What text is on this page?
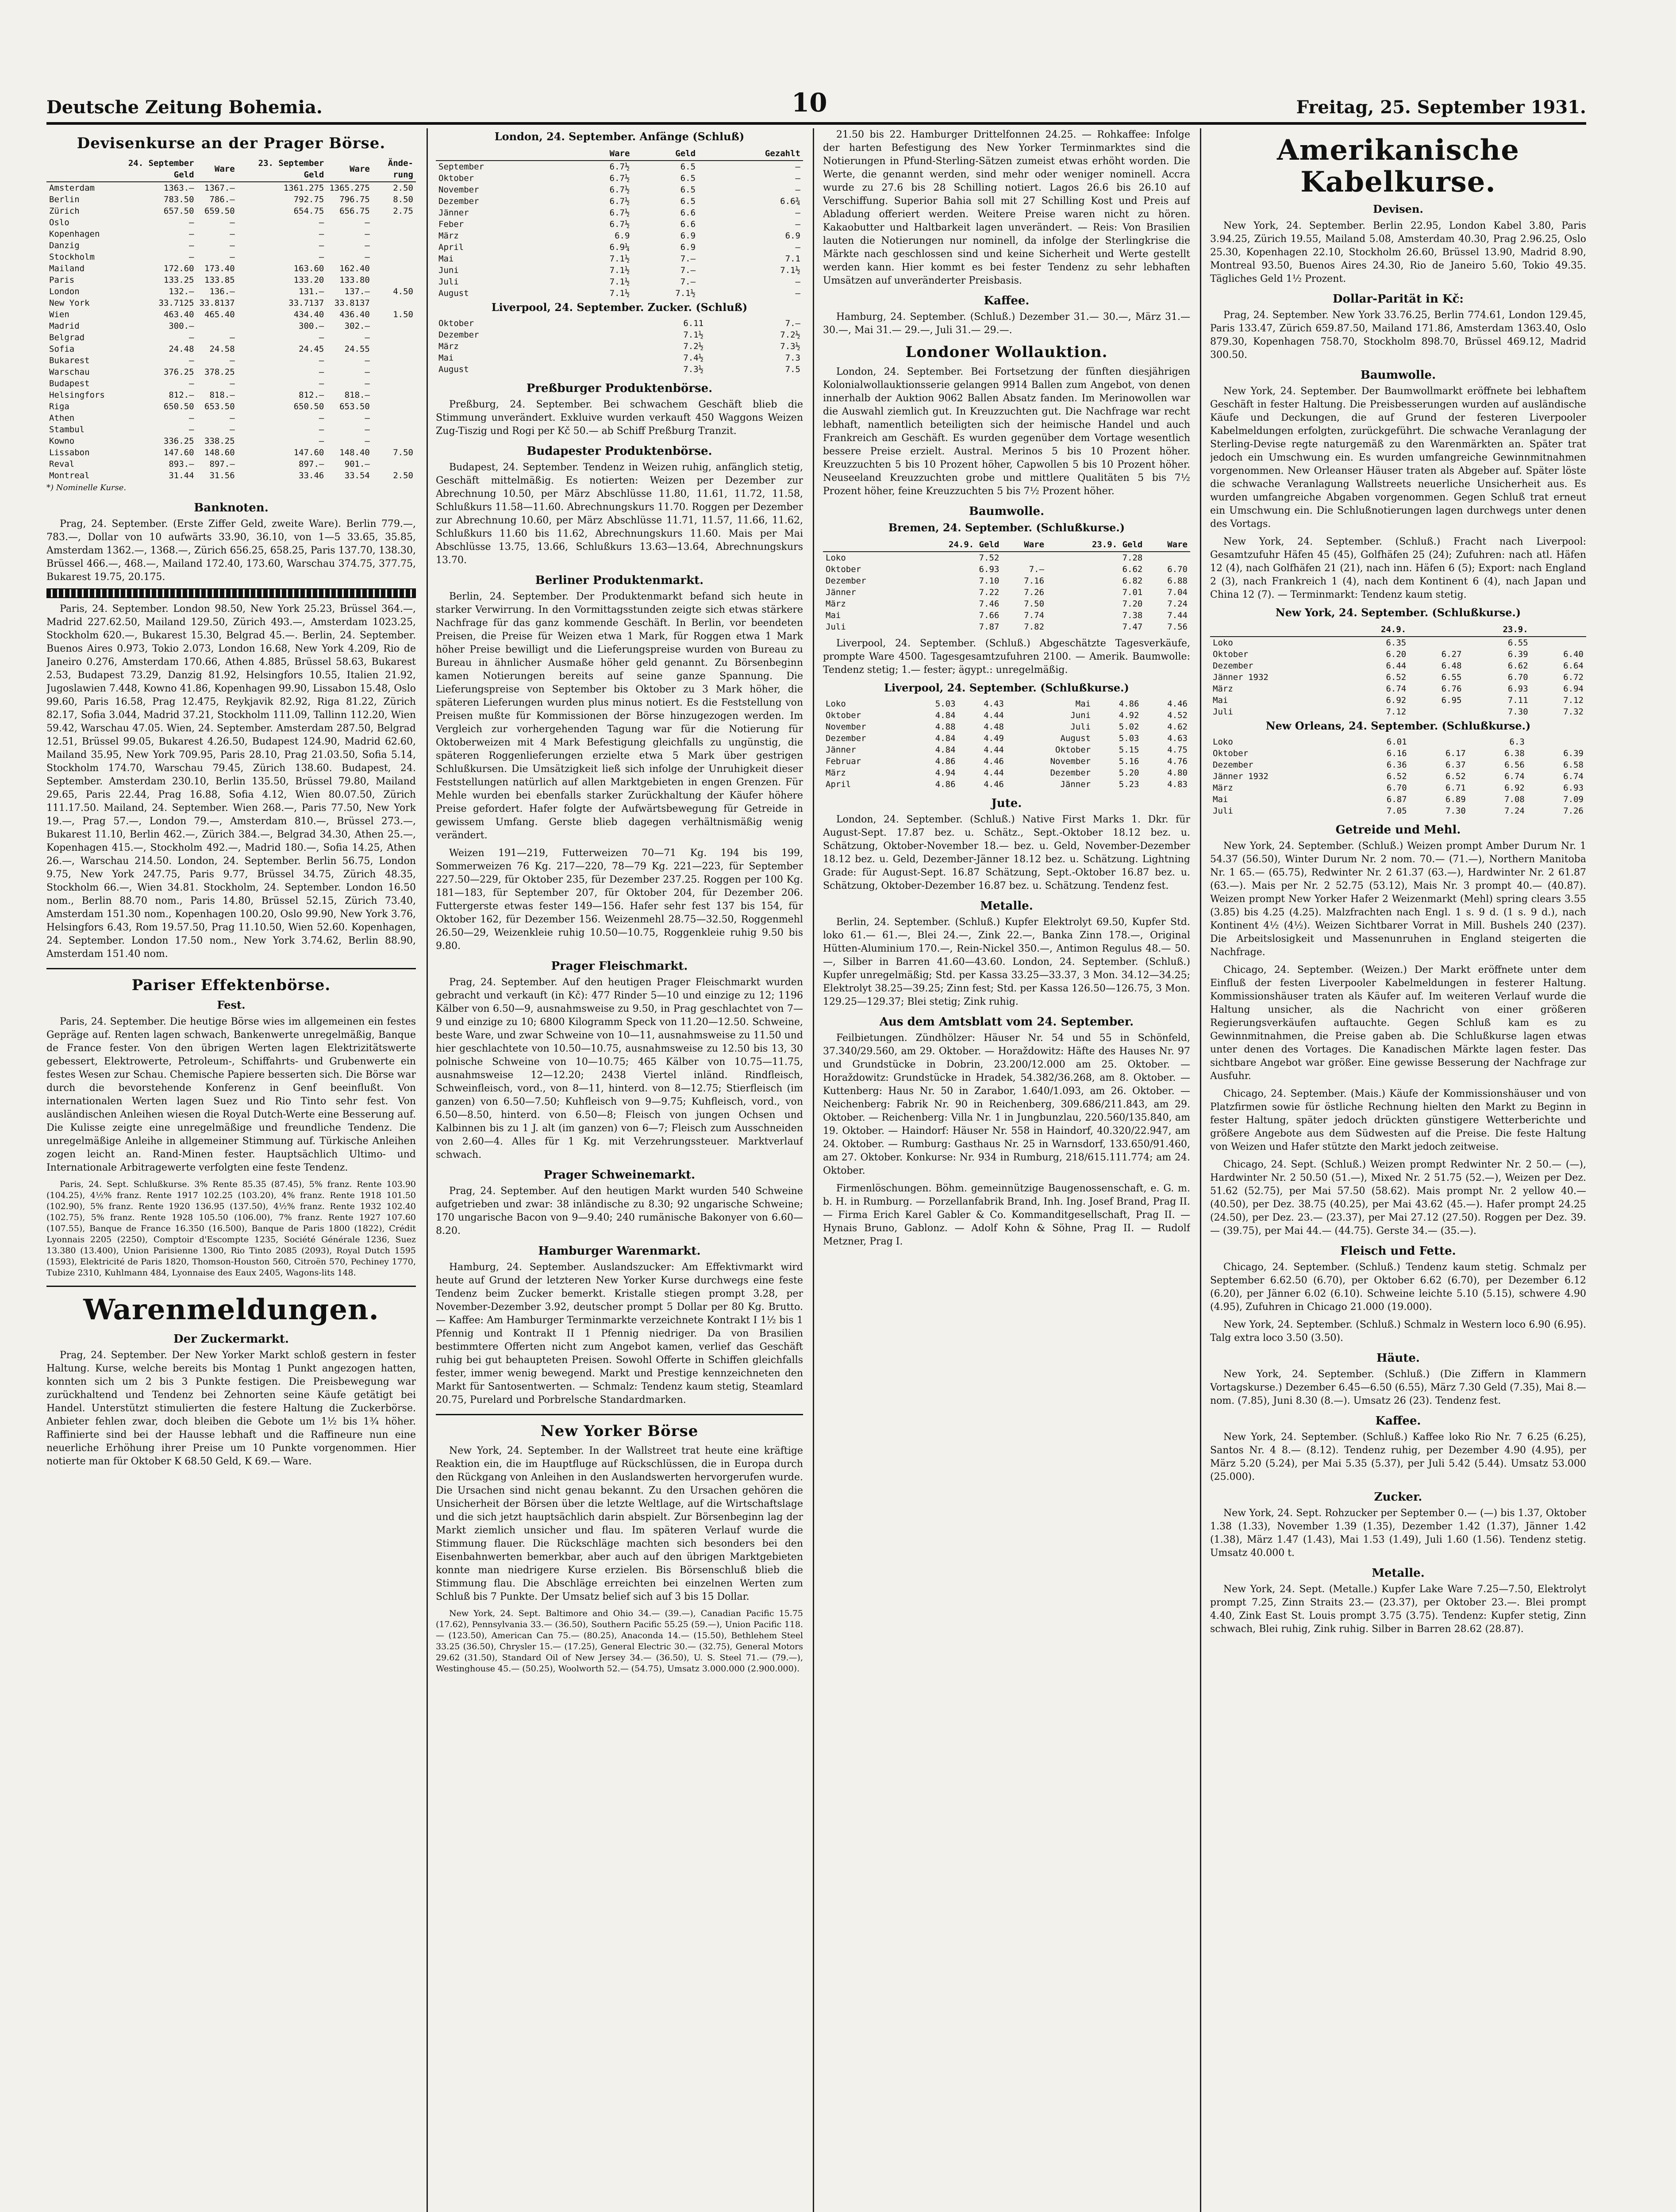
Deutsche Zeitung Bohemia.	10	Freitag, 25. September 1931.
Devisenkurse an der Prager Börse.
	24. September Geld	Ware	23. September Geld	Ware	Änderung
Amsterdam	1363.—	1367.—	1361.275	1365.275	2.50
Berlin	783.50	786.—	792.75	796.75	8.50
Zürich	657.50	659.50	654.75	656.75	2.75
Oslo	—	—	—	—	
Kopenhagen	—	—	—	—	
Danzig	—	—	—	—	
Stockholm	—	—	—	—	
Mailand	172.60	173.40	163.60	162.40	
Paris	133.25	133.85	133.20	133.80	
London	132.—	136.—	131.—	137.—	4.50
New York	33.7125	33.8137	33.7137	33.8137	
Wien	463.40	465.40	434.40	436.40	1.50
Madrid	300.—		300.—	302.—	
Belgrad	—	—	—	—	
Sofia	24.48	24.58	24.45	24.55	
Bukarest	—	—	—	—	
Warschau	376.25	378.25	—	—	
Budapest	—	—	—	—	
Helsingfors	812.—	818.—	812.—	818.—	
Riga	650.50	653.50	650.50	653.50	
Athen	—	—	—	—	
Stambul	—	—	—	—	
Kowno	336.25	338.25	—	—	
Lissabon	147.60	148.60	147.60	148.40	7.50
Reval	893.—	897.—	897.—	901.—	
Montreal	31.44	31.56	33.46	33.54	2.50
*) Nominelle Kurse.
Banknoten.

Prag, 24. September. (Erste Ziffer Geld, zweite Ware). Berlin 779.—, 783.—, Dollar von 10 aufwärts 33.90, 36.10, von 1—5 33.65, 35.85, Amsterdam 1362.—, 1368.—, Zürich 656.25, 658.25, Paris 137.70, 138.30, Brüssel 466.—, 468.—, Mailand 172.40, 173.60, Warschau 374.75, 377.75, Bukarest 19.75, 20.175.

Paris, 24. September. London 98.50, New York 25.23, Brüssel 364.—, Madrid 227.62.50, Mailand 129.50, Zürich 493.—, Amsterdam 1023.25, Stockholm 620.—, Bukarest 15.30, Belgrad 45.—. Berlin, 24. September. Buenos Aires 0.973, Tokio 2.073, London 16.68, New York 4.209, Rio de Janeiro 0.276, Amsterdam 170.66, Athen 4.885, Brüssel 58.63, Bukarest 2.53, Budapest 73.29, Danzig 81.92, Helsingfors 10.55, Italien 21.92, Jugoslawien 7.448, Kowno 41.86, Kopenhagen 99.90, Lissabon 15.48, Oslo 99.60, Paris 16.58, Prag 12.475, Reykjavik 82.92, Riga 81.22, Zürich 82.17, Sofia 3.044, Madrid 37.21, Stockholm 111.09, Tallinn 112.20, Wien 59.42, Warschau 47.05. Wien, 24. September. Amsterdam 287.50, Belgrad 12.51, Brüssel 99.05, Bukarest 4.26.50, Budapest 124.90, Madrid 62.60, Mailand 35.95, New York 709.95, Paris 28.10, Prag 21.03.50, Sofia 5.14, Stockholm 174.70, Warschau 79.45, Zürich 138.60. Budapest, 24. September. Amsterdam 230.10, Berlin 135.50, Brüssel 79.80, Mailand 29.65, Paris 22.44, Prag 16.88, Sofia 4.12, Wien 80.07.50, Zürich 111.17.50. Mailand, 24. September. Wien 268.—, Paris 77.50, New York 19.—, Prag 57.—, London 79.—, Amsterdam 810.—, Brüssel 273.—, Bukarest 11.10, Berlin 462.—, Zürich 384.—, Belgrad 34.30, Athen 25.—, Kopenhagen 415.—, Stockholm 492.—, Madrid 180.—, Sofia 14.25, Athen 26.—, Warschau 214.50. London, 24. September. Berlin 56.75, London 9.75, New York 247.75, Paris 9.77, Brüssel 34.75, Zürich 48.35, Stockholm 66.—, Wien 34.81. Stockholm, 24. September. London 16.50 nom., Berlin 88.70 nom., Paris 14.80, Brüssel 52.15, Zürich 73.40, Amsterdam 151.30 nom., Kopenhagen 100.20, Oslo 99.90, New York 3.76, Helsingfors 6.43, Rom 19.57.50, Prag 11.10.50, Wien 52.60. Kopenhagen, 24. September. London 17.50 nom., New York 3.74.62, Berlin 88.90, Amsterdam 151.40 nom.

Pariser Effektenbörse.
Fest.

Paris, 24. September. Die heutige Börse wies im allgemeinen ein festes Gepräge auf. Renten lagen schwach, Bankenwerte unregelmäßig, Banque de France fester. Von den übrigen Werten lagen Elektrizitätswerte gebessert, Elektrowerte, Petroleum-, Schiffahrts- und Grubenwerte ein festes Wesen zur Schau. Chemische Papiere besserten sich. Die Börse war durch die bevorstehende Konferenz in Genf beeinflußt. Von internationalen Werten lagen Suez und Rio Tinto sehr fest. Von ausländischen Anleihen wiesen die Royal Dutch-Werte eine Besserung auf. Die Kulisse zeigte eine unregelmäßige und freundliche Tendenz. Die unregelmäßige Anleihe in allgemeiner Stimmung auf. Türkische Anleihen zogen leicht an. Rand-Minen fester. Hauptsächlich Ultimo- und Internationale Arbitragewerte verfolgten eine feste Tendenz.

Paris, 24. Sept. Schlußkurse. 3% Rente 85.35 (87.45), 5% franz. Rente 103.90 (104.25), 4½% franz. Rente 1917 102.25 (103.20), 4% franz. Rente 1918 101.50 (102.90), 5% franz. Rente 1920 136.95 (137.50), 4½% franz. Rente 1932 102.40 (102.75), 5% franz. Rente 1928 105.50 (106.00), 7% franz. Rente 1927 107.60 (107.55), Banque de France 16.350 (16.500), Banque de Paris 1800 (1822), Crédit Lyonnais 2205 (2250), Comptoir d'Escompte 1235, Société Générale 1236, Suez 13.380 (13.400), Union Parisienne 1300, Rio Tinto 2085 (2093), Royal Dutch 1595 (1593), Elektricité de Paris 1820, Thomson-Houston 560, Citroën 570, Pechiney 1770, Tubize 2310, Kuhlmann 484, Lyonnaise des Eaux 2405, Wagons-lits 148.

Warenmeldungen.
Der Zuckermarkt.

Prag, 24. September. Der New Yorker Markt schloß gestern in fester Haltung. Kurse, welche bereits bis Montag 1 Punkt angezogen hatten, konnten sich um 2 bis 3 Punkte festigen. Die Preisbewegung war zurückhaltend und Tendenz bei Zehnorten seine Käufe getätigt bei Handel. Unterstützt stimulierten die festere Haltung die Zuckerbörse. Anbieter fehlen zwar, doch bleiben die Gebote um 1½ bis 1¾ höher. Raffinierte sind bei der Hausse lebhaft und die Raffineure nun eine neuerliche Erhöhung ihrer Preise um 10 Punkte vorgenommen. Hier notierte man für Oktober K 68.50 Geld, K 69.— Ware.

London, 24. September. Anfänge (Schluß)
	Ware	Geld	Gezahlt
September	6.7½	6.5	—
Oktober	6.7½	6.5	—
November	6.7½	6.5	—
Dezember	6.7½	6.5	6.6¾
Jänner	6.7½	6.6	—
Feber	6.7½	6.6	—
März	6.9	6.9	6.9
April	6.9¼	6.9	—
Mai	7.1½	7.—	7.1
Juni	7.1½	7.—	7.1½
Juli	7.1½	7.—	—
August	7.1½	7.1½	—
Liverpool, 24. September. Zucker. (Schluß)
Oktober	6.11	7.—
Dezember	7.1½	7.2½
März	7.2½	7.3½
Mai	7.4½	7.3
August	7.3½	7.5
Preßburger Produktenbörse.

Preßburg, 24. September. Bei schwachem Geschäft blieb die Stimmung unverändert. Exkluive wurden verkauft 450 Waggons Weizen Zug-Tiszig und Rogi per Kč 50.— ab Schiff Preßburg Tranzit.

Budapester Produktenbörse.

Budapest, 24. September. Tendenz in Weizen ruhig, anfänglich stetig, Geschäft mittelmäßig. Es notierten: Weizen per Dezember zur Abrechnung 10.50, per März Abschlüsse 11.80, 11.61, 11.72, 11.58, Schlußkurs 11.58—11.60. Abrechnungskurs 11.70. Roggen per Dezember zur Abrechnung 10.60, per März Abschlüsse 11.71, 11.57, 11.66, 11.62, Schlußkurs 11.60 bis 11.62, Abrechnungskurs 11.60. Mais per Mai Abschlüsse 13.75, 13.66, Schlußkurs 13.63—13.64, Abrechnungskurs 13.70.

Berliner Produktenmarkt.

Berlin, 24. September. Der Produktenmarkt befand sich heute in starker Verwirrung. In den Vormittagsstunden zeigte sich etwas stärkere Nachfrage für das ganz kommende Geschäft. In Berlin, vor beendeten Preisen, die Preise für Weizen etwa 1 Mark, für Roggen etwa 1 Mark höher Preise bewilligt und die Lieferungspreise wurden von Bureau zu Bureau in ähnlicher Ausmaße höher geld genannt. Zu Börsenbeginn kamen Notierungen bereits auf seine ganze Spannung. Die Lieferungspreise von September bis Oktober zu 3 Mark höher, die späteren Lieferungen wurden plus minus notiert. Es die Feststellung von Preisen mußte für Kommissionen der Börse hinzugezogen werden. Im Vergleich zur vorhergehenden Tagung war für die Notierung für Oktoberweizen mit 4 Mark Befestigung gleichfalls zu ungünstig, die späteren Roggenlieferungen erzielte etwa 5 Mark über gestrigen Schlußkursen. Die Umsätzigkeit ließ sich infolge der Unruhigkeit dieser Feststellungen natürlich auf allen Marktgebieten in engen Grenzen. Für Mehle wurden bei ebenfalls starker Zurückhaltung der Käufer höhere Preise gefordert. Hafer folgte der Aufwärtsbewegung für Getreide in gewissem Umfang. Gerste blieb dagegen verhältnismäßig wenig verändert.

Weizen 191—219, Futterweizen 70—71 Kg. 194 bis 199, Sommerweizen 76 Kg. 217—220, 78—79 Kg. 221—223, für September 227.50—229, für Oktober 235, für Dezember 237.25. Roggen per 100 Kg. 181—183, für September 207, für Oktober 204, für Dezember 206. Futtergerste etwas fester 149—156. Hafer sehr fest 137 bis 154, für Oktober 162, für Dezember 156. Weizenmehl 28.75—32.50, Roggenmehl 26.50—29, Weizenkleie ruhig 10.50—10.75, Roggenkleie ruhig 9.50 bis 9.80.

Prager Fleischmarkt.

Prag, 24. September. Auf den heutigen Prager Fleischmarkt wurden gebracht und verkauft (in Kč): 477 Rinder 5—10 und einzige zu 12; 1196 Kälber von 6.50—9, ausnahmsweise zu 9.50, in Prag geschlachtet von 7—9 und einzige zu 10; 6800 Kilogramm Speck von 11.20—12.50. Schweine, beste Ware, und zwar Schweine von 10—11, ausnahmsweise zu 11.50 und hier geschlachtete von 10.50—10.75, ausnahmsweise zu 12.50 bis 13, 30 polnische Schweine von 10—10.75; 465 Kälber von 10.75—11.75, ausnahmsweise 12—12.20; 2438 Viertel inländ. Rindfleisch, Schweinfleisch, vord., von 8—11, hinterd. von 8—12.75; Stierfleisch (im ganzen) von 6.50—7.50; Kuhfleisch von 9—9.75; Kuhfleisch, vord., von 6.50—8.50, hinterd. von 6.50—8; Fleisch von jungen Ochsen und Kalbinnen bis zu 1 J. alt (im ganzen) von 6—7; Fleisch zum Ausschneiden von 2.60—4. Alles für 1 Kg. mit Verzehrungssteuer. Marktverlauf schwach.

Prager Schweinemarkt.

Prag, 24. September. Auf den heutigen Markt wurden 540 Schweine aufgetrieben und zwar: 38 inländische zu 8.30; 92 ungarische Schweine; 170 ungarische Bacon von 9—9.40; 240 rumänische Bakonyer von 6.60—8.20.

Hamburger Warenmarkt.

Hamburg, 24. September. Auslandszucker: Am Effektivmarkt wird heute auf Grund der letzteren New Yorker Kurse durchwegs eine feste Tendenz beim Zucker bemerkt. Kristalle stiegen prompt 3.28, per November-Dezember 3.92, deutscher prompt 5 Dollar per 80 Kg. Brutto. — Kaffee: Am Hamburger Terminmarkte verzeichnete Kontrakt I 1½ bis 1 Pfennig und Kontrakt II 1 Pfennig niedriger. Da von Brasilien bestimmtere Offerten nicht zum Angebot kamen, verlief das Geschäft ruhig bei gut behaupteten Preisen. Sowohl Offerte in Schiffen gleichfalls fester, immer wenig bewegend. Markt und Prestige kennzeichneten den Markt für Santosentwerten. — Schmalz: Tendenz kaum stetig, Steamlard 20.75, Purelard und Porbrelsche Standardmarken.

New Yorker Börse

New York, 24. September. In der Wallstreet trat heute eine kräftige Reaktion ein, die im Hauptfluge auf Rückschlüssen, die in Europa durch den Rückgang von Anleihen in den Auslandswerten hervorgerufen wurde. Die Ursachen sind nicht genau bekannt. Zu den Ursachen gehören die Unsicherheit der Börsen über die letzte Weltlage, auf die Wirtschaftslage und die sich jetzt hauptsächlich darin abspielt. Zur Börsenbeginn lag der Markt ziemlich unsicher und flau. Im späteren Verlauf wurde die Stimmung flauer. Die Rückschläge machten sich besonders bei den Eisenbahnwerten bemerkbar, aber auch auf den übrigen Marktgebieten konnte man niedrigere Kurse erzielen. Bis Börsenschluß blieb die Stimmung flau. Die Abschläge erreichten bei einzelnen Werten zum Schluß bis 7 Punkte. Der Umsatz belief sich auf 3 bis 15 Dollar.

New York, 24. Sept. Baltimore and Ohio 34.— (39.—), Canadian Pacific 15.75 (17.62), Pennsylvania 33.— (36.50), Southern Pacific 55.25 (59.—), Union Pacific 118.— (123.50), American Can 75.— (80.25), Anaconda 14.— (15.50), Bethlehem Steel 33.25 (36.50), Chrysler 15.— (17.25), General Electric 30.— (32.75), General Motors 29.62 (31.50), Standard Oil of New Jersey 34.— (36.50), U. S. Steel 71.— (79.—), Westinghouse 45.— (50.25), Woolworth 52.— (54.75), Umsatz 3.000.000 (2.900.000).

21.50 bis 22. Hamburger Drittelfonnen 24.25. — Rohkaffee: Infolge der harten Befestigung des New Yorker Terminmarktes sind die Notierungen in Pfund-Sterling-Sätzen zumeist etwas erhöht worden. Die Werte, die genannt werden, sind mehr oder weniger nominell. Accra wurde zu 27.6 bis 28 Schilling notiert. Lagos 26.6 bis 26.10 auf Verschiffung. Superior Bahia soll mit 27 Schilling Kost und Preis auf Abladung offeriert werden. Weitere Preise waren nicht zu hören. Kakaobutter und Haltbarkeit lagen unverändert. — Reis: Von Brasilien lauten die Notierungen nur nominell, da infolge der Sterlingkrise die Märkte nach geschlossen sind und keine Sicherheit und Werte gestellt werden kann. Hier kommt es bei fester Tendenz zu sehr lebhaften Umsätzen auf unveränderter Preisbasis.

Kaffee.

Hamburg, 24. September. (Schluß.) Dezember 31.— 30.—, März 31.— 30.—, Mai 31.— 29.—, Juli 31.— 29.—.

Londoner Wollauktion.

London, 24. September. Bei Fortsetzung der fünften diesjährigen Kolonialwollauktionsserie gelangen 9914 Ballen zum Angebot, von denen innerhalb der Auktion 9062 Ballen Absatz fanden. Im Merinowollen war die Auswahl ziemlich gut. In Kreuzzuchten gut. Die Nachfrage war recht lebhaft, namentlich beteiligten sich der heimische Handel und auch Frankreich am Geschäft. Es wurden gegenüber dem Vortage wesentlich bessere Preise erzielt. Austral. Merinos 5 bis 10 Prozent höher. Kreuzzuchten 5 bis 10 Prozent höher, Capwollen 5 bis 10 Prozent höher. Neuseeland Kreuzzuchten grobe und mittlere Qualitäten 5 bis 7½ Prozent höher, feine Kreuzzuchten 5 bis 7½ Prozent höher.

Baumwolle.
Bremen, 24. September. (Schlußkurse.)
	24.9. Geld	Ware	23.9. Geld	Ware
Loko	7.52		7.28	
Oktober	6.93	7.—	6.62	6.70
Dezember	7.10	7.16	6.82	6.88
Jänner	7.22	7.26	7.01	7.04
März	7.46	7.50	7.20	7.24
Mai	7.66	7.74	7.38	7.44
Juli	7.87	7.82	7.47	7.56

Liverpool, 24. September. (Schluß.) Abgeschätzte Tagesverkäufe, prompte Ware 4500. Tagesgesamtzufuhren 2100. — Amerik. Baumwolle: Tendenz stetig; 1.— fester; ägypt.: unregelmäßig.

Liverpool, 24. September. (Schlußkurse.)
Loko	5.03	4.43	Mai	4.86	4.46
Oktober	4.84	4.44	Juni	4.92	4.52
November	4.88	4.48	Juli	5.02	4.62
Dezember	4.84	4.49	August	5.03	4.63
Jänner	4.84	4.44	Oktober	5.15	4.75
Februar	4.86	4.46	November	5.16	4.76
März	4.94	4.44	Dezember	5.20	4.80
April	4.86	4.46	Jänner	5.23	4.83
Jute.

London, 24. September. (Schluß.) Native First Marks 1. Dkr. für August-Sept. 17.87 bez. u. Schätz., Sept.-Oktober 18.12 bez. u. Schätzung, Oktober-November 18.— bez. u. Geld, November-Dezember 18.12 bez. u. Geld, Dezember-Jänner 18.12 bez. u. Schätzung. Lightning Grade: für August-Sept. 16.87 Schätzung, Sept.-Oktober 16.87 bez. u. Schätzung, Oktober-Dezember 16.87 bez. u. Schätzung. Tendenz fest.

Metalle.

Berlin, 24. September. (Schluß.) Kupfer Elektrolyt 69.50, Kupfer Std. loko 61.— 61.—, Blei 24.—, Zink 22.—, Banka Zinn 178.—, Original Hütten-Aluminium 170.—, Rein-Nickel 350.—, Antimon Regulus 48.— 50.—, Silber in Barren 41.60—43.60. London, 24. September. (Schluß.) Kupfer unregelmäßig; Std. per Kassa 33.25—33.37, 3 Mon. 34.12—34.25; Elektrolyt 38.25—39.25; Zinn fest; Std. per Kassa 126.50—126.75, 3 Mon. 129.25—129.37; Blei stetig; Zink ruhig.

Aus dem Amtsblatt vom 24. September.

Feilbietungen. Zündhölzer: Häuser Nr. 54 und 55 in Schönfeld, 37.340/29.560, am 29. Oktober. — Horaždowitz: Häfte des Hauses Nr. 97 und Grundstücke in Dobrin, 23.200/12.000 am 25. Oktober. — Horaždowitz: Grundstücke in Hradek, 54.382/36.268, am 8. Oktober. — Kuttenberg: Haus Nr. 50 in Zarabor, 1.640/1.093, am 26. Oktober. — Neichenberg: Fabrik Nr. 90 in Reichenberg, 309.686/211.843, am 29. Oktober. — Reichenberg: Villa Nr. 1 in Jungbunzlau, 220.560/135.840, am 19. Oktober. — Haindorf: Häuser Nr. 558 in Haindorf, 40.320/22.947, am 24. Oktober. — Rumburg: Gasthaus Nr. 25 in Warnsdorf, 133.650/91.460, am 27. Oktober. Konkurse: Nr. 934 in Rumburg, 218/615.111.774; am 24. Oktober.

Firmenlöschungen. Böhm. gemeinnützige Baugenossenschaft, e. G. m. b. H. in Rumburg. — Porzellanfabrik Brand, Inh. Ing. Josef Brand, Prag II. — Firma Erich Karel Gabler & Co. Kommanditgesellschaft, Prag II. — Hynais Bruno, Gablonz. — Adolf Kohn & Söhne, Prag II. — Rudolf Metzner, Prag I.

Amerikanische Kabelkurse.
Devisen.

New York, 24. September. Berlin 22.95, London Kabel 3.80, Paris 3.94.25, Zürich 19.55, Mailand 5.08, Amsterdam 40.30, Prag 2.96.25, Oslo 25.30, Kopenhagen 22.10, Stockholm 26.60, Brüssel 13.90, Madrid 8.90, Montreal 93.50, Buenos Aires 24.30, Rio de Janeiro 5.60, Tokio 49.35. Tägliches Geld 1½ Prozent.

Dollar-Parität in Kč:

Prag, 24. September. New York 33.76.25, Berlin 774.61, London 129.45, Paris 133.47, Zürich 659.87.50, Mailand 171.86, Amsterdam 1363.40, Oslo 879.30, Kopenhagen 758.70, Stockholm 898.70, Brüssel 469.12, Madrid 300.50.

Baumwolle.

New York, 24. September. Der Baumwollmarkt eröffnete bei lebhaftem Geschäft in fester Haltung. Die Preisbesserungen wurden auf ausländische Käufe und Deckungen, die auf Grund der festeren Liverpooler Kabelmeldungen erfolgten, zurückgeführt. Die schwache Veranlagung der Sterling-Devise regte naturgemäß zu den Warenmärkten an. Später trat jedoch ein Umschwung ein. Es wurden umfangreiche Gewinnmitnahmen vorgenommen. New Orleanser Häuser traten als Abgeber auf. Später löste die schwache Veranlagung Wallstreets neuerliche Unsicherheit aus. Es wurden umfangreiche Abgaben vorgenommen. Gegen Schluß trat erneut ein Umschwung ein. Die Schlußnotierungen lagen durchwegs unter denen des Vortags.

New York, 24. September. (Schluß.) Fracht nach Liverpool: Gesamtzufuhr Häfen 45 (45), Golfhäfen 25 (24); Zufuhren: nach atl. Häfen 12 (4), nach Golfhäfen 21 (21), nach inn. Häfen 6 (5); Export: nach England 2 (3), nach Frankreich 1 (4), nach dem Kontinent 6 (4), nach Japan und China 12 (7). — Terminmarkt: Tendenz kaum stetig.

New York, 24. September. (Schlußkurse.)
	24.9.		23.9.	
Loko	6.35		6.55	
Oktober	6.20	6.27	6.39	6.40
Dezember	6.44	6.48	6.62	6.64
Jänner 1932	6.52	6.55	6.70	6.72
März	6.74	6.76	6.93	6.94
Mai	6.92	6.95	7.11	7.12
Juli	7.12		7.30	7.32
New Orleans, 24. September. (Schlußkurse.)
Loko	6.01		6.3	
Oktober	6.16	6.17	6.38	6.39
Dezember	6.36	6.37	6.56	6.58
Jänner 1932	6.52	6.52	6.74	6.74
März	6.70	6.71	6.92	6.93
Mai	6.87	6.89	7.08	7.09
Juli	7.05	7.30	7.24	7.26
Getreide und Mehl.

New York, 24. September. (Schluß.) Weizen prompt Amber Durum Nr. 1 54.37 (56.50), Winter Durum Nr. 2 nom. 70.— (71.—), Northern Manitoba Nr. 1 65.— (65.75), Redwinter Nr. 2 61.37 (63.—), Hardwinter Nr. 2 61.87 (63.—). Mais per Nr. 2 52.75 (53.12), Mais Nr. 3 prompt 40.— (40.87). Weizen prompt New Yorker Hafer 2 Weizenmarkt (Mehl) spring clears 3.55 (3.85) bis 4.25 (4.25). Malzfrachten nach Engl. 1 s. 9 d. (1 s. 9 d.), nach Kontinent 4½ (4½). Weizen Sichtbarer Vorrat in Mill. Bushels 240 (237). Die Arbeitslosigkeit und Massenunruhen in England steigerten die Nachfrage.

Chicago, 24. September. (Weizen.) Der Markt eröffnete unter dem Einfluß der festen Liverpooler Kabelmeldungen in festerer Haltung. Kommissionshäuser traten als Käufer auf. Im weiteren Verlauf wurde die Haltung unsicher, als die Nachricht von einer größeren Regierungsverkäufen auftauchte. Gegen Schluß kam es zu Gewinnmitnahmen, die Preise gaben ab. Die Schlußkurse lagen etwas unter denen des Vortages. Die Kanadischen Märkte lagen fester. Das sichtbare Angebot war größer. Eine gewisse Besserung der Nachfrage zur Ausfuhr.

Chicago, 24. September. (Mais.) Käufe der Kommissionshäuser und von Platzfirmen sowie für östliche Rechnung hielten den Markt zu Beginn in fester Haltung, später jedoch drückten günstigere Wetterberichte und größere Angebote aus dem Südwesten auf die Preise. Die feste Haltung von Weizen und Hafer stützte den Markt jedoch zeitweise.

Chicago, 24. Sept. (Schluß.) Weizen prompt Redwinter Nr. 2 50.— (—), Hardwinter Nr. 2 50.50 (51.—), Mixed Nr. 2 51.75 (52.—), Weizen per Dez. 51.62 (52.75), per Mai 57.50 (58.62). Mais prompt Nr. 2 yellow 40.— (40.50), per Dez. 38.75 (40.25), per Mai 43.62 (45.—). Hafer prompt 24.25 (24.50), per Dez. 23.— (23.37), per Mai 27.12 (27.50). Roggen per Dez. 39.— (39.75), per Mai 44.— (44.75). Gerste 34.— (35.—).

Fleisch und Fette.

Chicago, 24. September. (Schluß.) Tendenz kaum stetig. Schmalz per September 6.62.50 (6.70), per Oktober 6.62 (6.70), per Dezember 6.12 (6.20), per Jänner 6.02 (6.10). Schweine leichte 5.10 (5.15), schwere 4.90 (4.95), Zufuhren in Chicago 21.000 (19.000).

New York, 24. September. (Schluß.) Schmalz in Western loco 6.90 (6.95). Talg extra loco 3.50 (3.50).

Häute.

New York, 24. September. (Schluß.) (Die Ziffern in Klammern Vortagskurse.) Dezember 6.45—6.50 (6.55), März 7.30 Geld (7.35), Mai 8.— nom. (7.85), Juni 8.30 (8.—). Umsatz 26 (23). Tendenz fest.

Kaffee.

New York, 24. September. (Schluß.) Kaffee loko Rio Nr. 7 6.25 (6.25), Santos Nr. 4 8.— (8.12). Tendenz ruhig, per Dezember 4.90 (4.95), per März 5.20 (5.24), per Mai 5.35 (5.37), per Juli 5.42 (5.44). Umsatz 53.000 (25.000).

Zucker.

New York, 24. Sept. Rohzucker per September 0.— (—) bis 1.37, Oktober 1.38 (1.33), November 1.39 (1.35), Dezember 1.42 (1.37), Jänner 1.42 (1.38), März 1.47 (1.43), Mai 1.53 (1.49), Juli 1.60 (1.56). Tendenz stetig. Umsatz 40.000 t.

Metalle.

New York, 24. Sept. (Metalle.) Kupfer Lake Ware 7.25—7.50, Elektrolyt prompt 7.25, Zinn Straits 23.— (23.37), per Oktober 23.—. Blei prompt 4.40, Zink East St. Louis prompt 3.75 (3.75). Tendenz: Kupfer stetig, Zinn schwach, Blei ruhig, Zink ruhig. Silber in Barren 28.62 (28.87).
